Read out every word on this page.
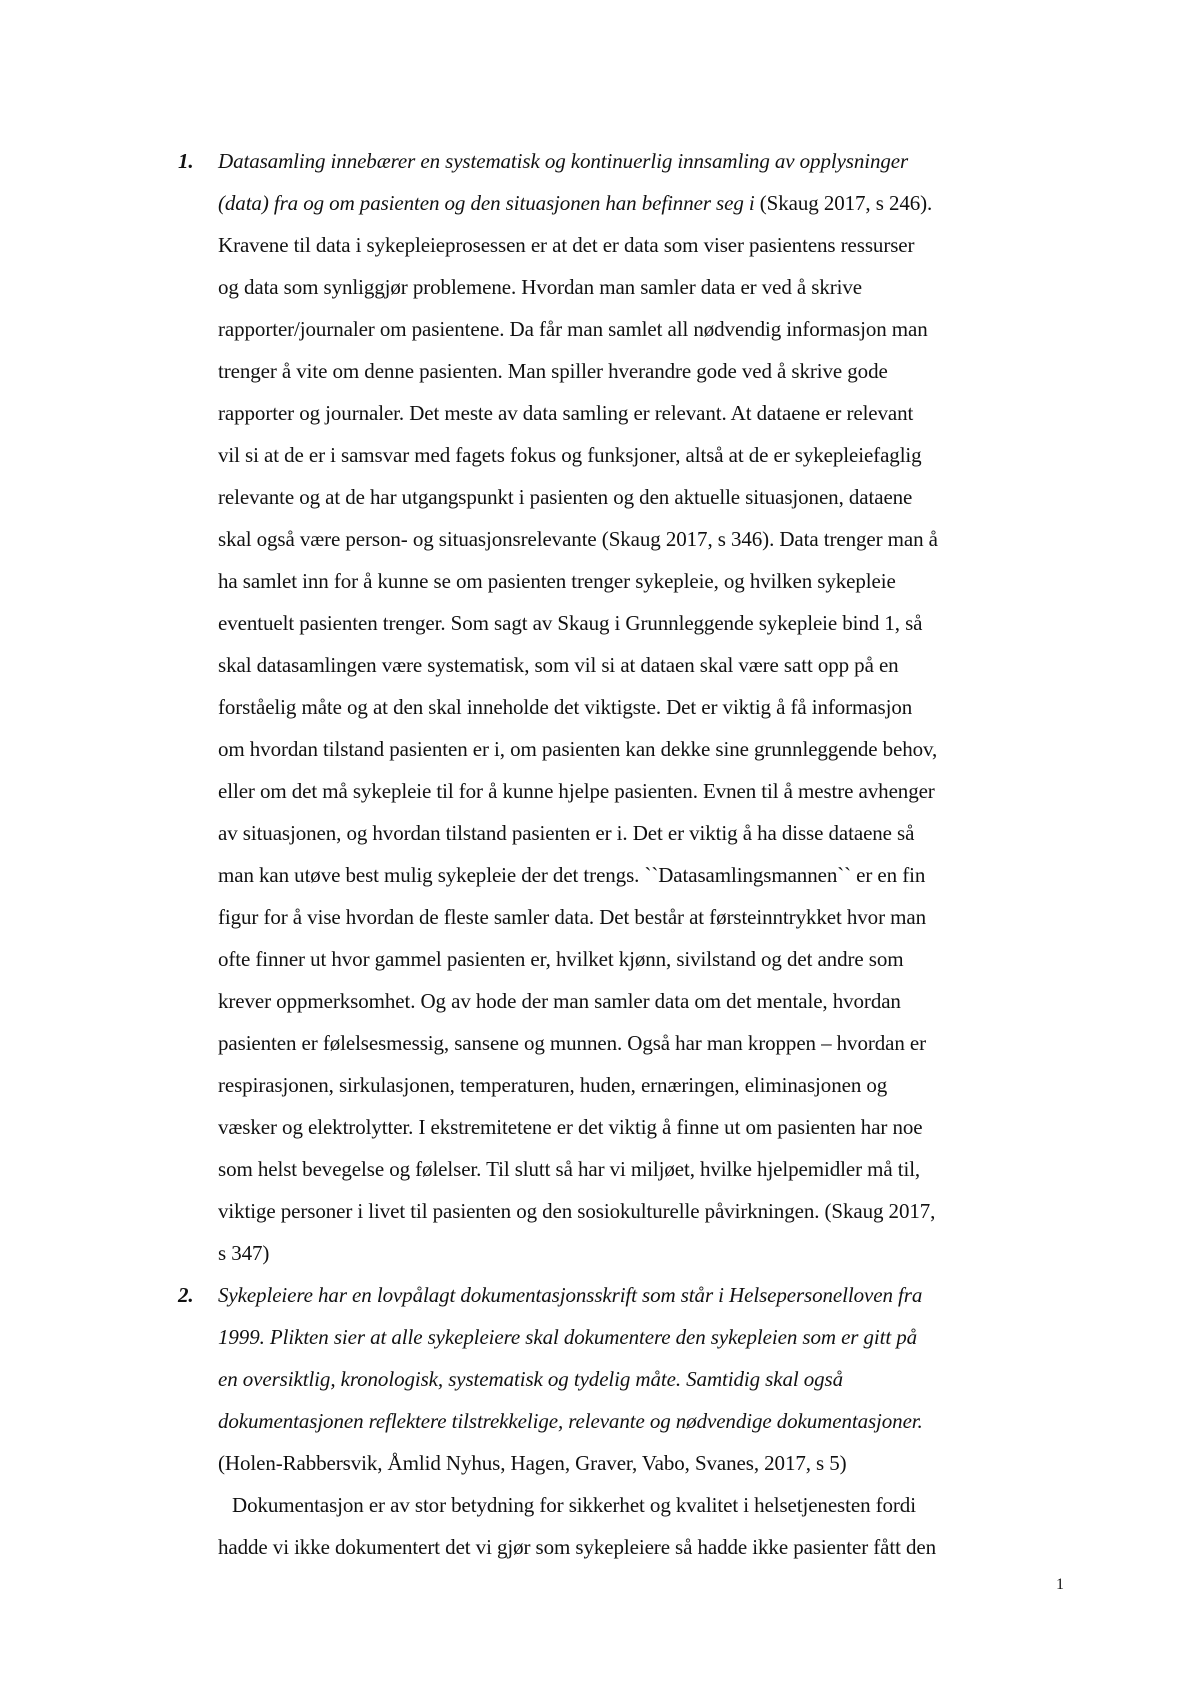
1. Datasamling innebærer en systematisk og kontinuerlig innsamling av opplysninger
(data) fra og om pasienten og den situasjonen han befinner seg i (Skaug 2017, s 246).
Kravene til data i sykepleieprosessen er at det er data som viser pasientens ressurser
og data som synliggjør problemene. Hvordan man samler data er ved å skrive
rapporter/journaler om pasientene. Da får man samlet all nødvendig informasjon man
trenger å vite om denne pasienten. Man spiller hverandre gode ved å skrive gode
rapporter og journaler. Det meste av data samling er relevant. At dataene er relevant
vil si at de er i samsvar med fagets fokus og funksjoner, altså at de er sykepleiefaglig
relevante og at de har utgangspunkt i pasienten og den aktuelle situasjonen, dataene
skal også være person- og situasjonsrelevante (Skaug 2017, s 346). Data trenger man å
ha samlet inn for å kunne se om pasienten trenger sykepleie, og hvilken sykepleie
eventuelt pasienten trenger. Som sagt av Skaug i Grunnleggende sykepleie bind 1, så
skal datasamlingen være systematisk, som vil si at dataen skal være satt opp på en
forståelig måte og at den skal inneholde det viktigste. Det er viktig å få informasjon
om hvordan tilstand pasienten er i, om pasienten kan dekke sine grunnleggende behov,
eller om det må sykepleie til for å kunne hjelpe pasienten. Evnen til å mestre avhenger
av situasjonen, og hvordan tilstand pasienten er i. Det er viktig å ha disse dataene så
man kan utøve best mulig sykepleie der det trengs. ``Datasamlingsmannen`` er en fin
figur for å vise hvordan de fleste samler data. Det består at førsteinntrykket hvor man
ofte finner ut hvor gammel pasienten er, hvilket kjønn, sivilstand og det andre som
krever oppmerksomhet. Og av hode der man samler data om det mentale, hvordan
pasienten er følelsesmessig, sansene og munnen. Også har man kroppen – hvordan er
respirasjonen, sirkulasjonen, temperaturen, huden, ernæringen, eliminasjonen og
væsker og elektrolytter. I ekstremitetene er det viktig å finne ut om pasienten har noe
som helst bevegelse og følelser. Til slutt så har vi miljøet, hvilke hjelpemidler må til,
viktige personer i livet til pasienten og den sosiokulturelle påvirkningen. (Skaug 2017,
s 347)
2. Sykepleiere har en lovpålagt dokumentasjonsskrift som står i Helsepersonelloven fra
1999. Plikten sier at alle sykepleiere skal dokumentere den sykepleien som er gitt på
en oversiktlig, kronologisk, systematisk og tydelig måte. Samtidig skal også
dokumentasjonen reflektere tilstrekkelige, relevante og nødvendige dokumentasjoner.
(Holen-Rabbersvik, Åmlid Nyhus, Hagen, Graver, Vabo, Svanes, 2017, s 5)
Dokumentasjon er av stor betydning for sikkerhet og kvalitet i helsetjenesten fordi
hadde vi ikke dokumentert det vi gjør som sykepleiere så hadde ikke pasienter fått den
1
